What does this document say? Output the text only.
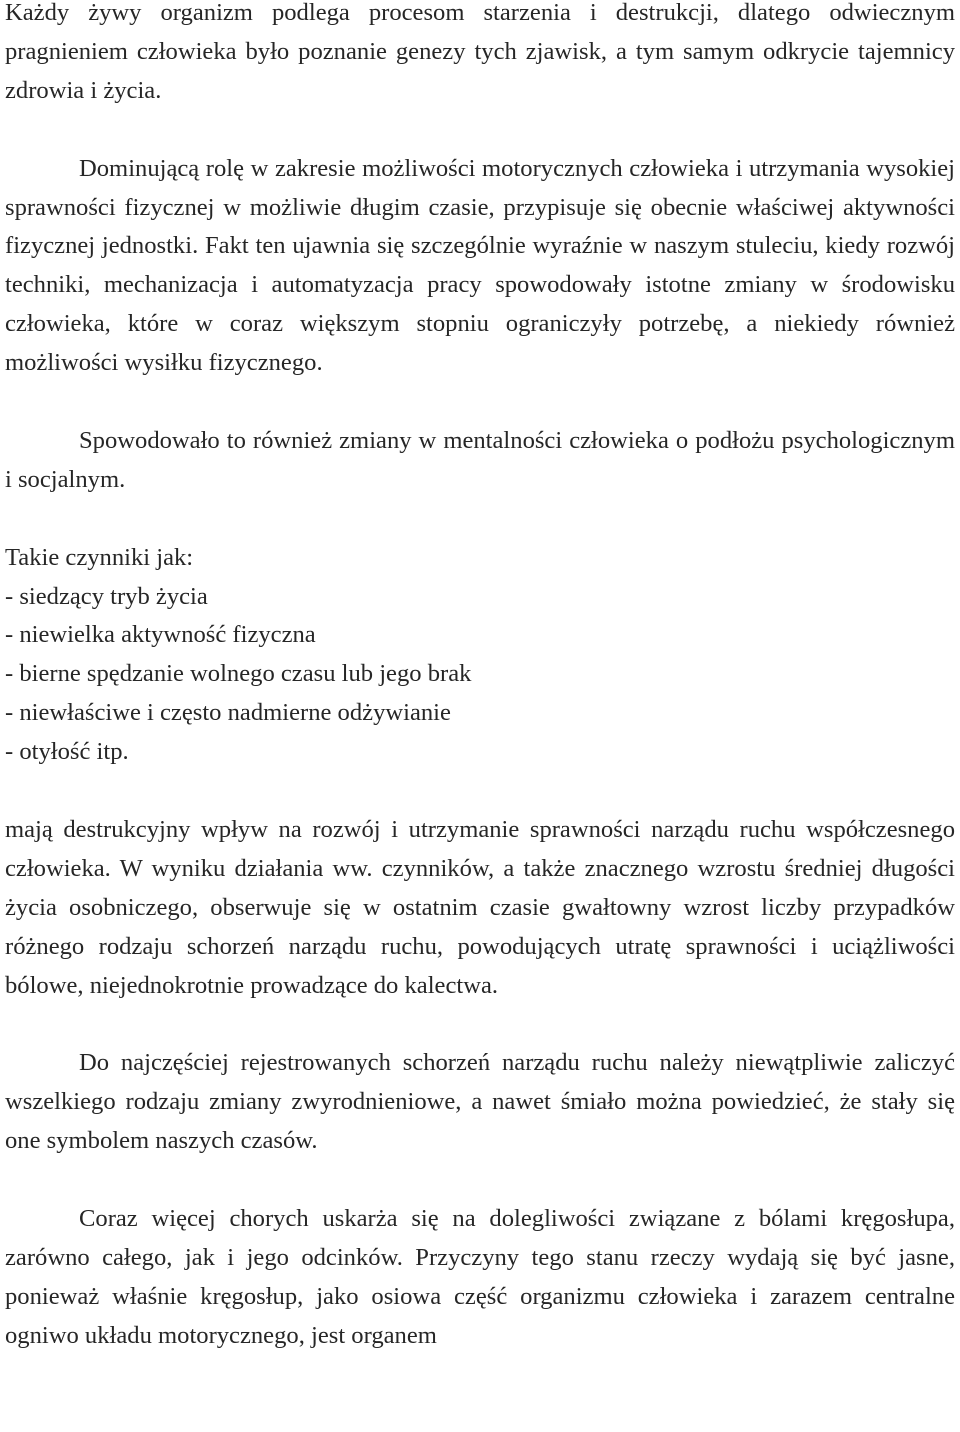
Każdy żywy organizm podlega procesom starzenia i destrukcji, dlatego odwiecznym pragnieniem człowieka było poznanie genezy tych zjawisk, a tym samym odkrycie tajemnicy zdrowia i życia.

Dominującą rolę w zakresie możliwości motorycznych człowieka i utrzymania wysokiej sprawności fizycznej w możliwie długim czasie, przypisuje się obecnie właściwej aktywności fizycznej jednostki. Fakt ten ujawnia się szczególnie wyraźnie w naszym stuleciu, kiedy rozwój techniki, mechanizacja i automatyzacja pracy spowodowały istotne zmiany w środowisku człowieka, które w coraz większym stopniu ograniczyły potrzebę, a niekiedy również możliwości wysiłku fizycznego.

Spowodowało to również zmiany w mentalności człowieka o podłożu psychologicznym i socjalnym.

Takie czynniki jak:
- siedzący tryb życia
- niewielka aktywność fizyczna
- bierne spędzanie wolnego czasu lub jego brak
- niewłaściwe i często nadmierne odżywianie
- otyłość itp.

mają destrukcyjny wpływ na rozwój i utrzymanie sprawności narządu ruchu współczesnego człowieka. W wyniku działania ww. czynników, a także znacznego wzrostu średniej długości życia osobniczego, obserwuje się w ostatnim czasie gwałtowny wzrost liczby przypadków różnego rodzaju schorzeń narządu ruchu, powodujących utratę sprawności i uciążliwości bólowe, niejednokrotnie prowadzące do kalectwa.

Do najczęściej rejestrowanych schorzeń narządu ruchu należy niewątpliwie zaliczyć wszelkiego rodzaju zmiany zwyrodnieniowe, a nawet śmiało można powiedzieć, że stały się one symbolem naszych czasów.

Coraz więcej chorych uskarża się na dolegliwości związane z bólami kręgosłupa, zarówno całego, jak i jego odcinków. Przyczyny tego stanu rzeczy wydają się być jasne, ponieważ właśnie kręgosłup, jako osiowa część organizmu człowieka i zarazem centralne ogniwo układu motorycznego, jest organem
